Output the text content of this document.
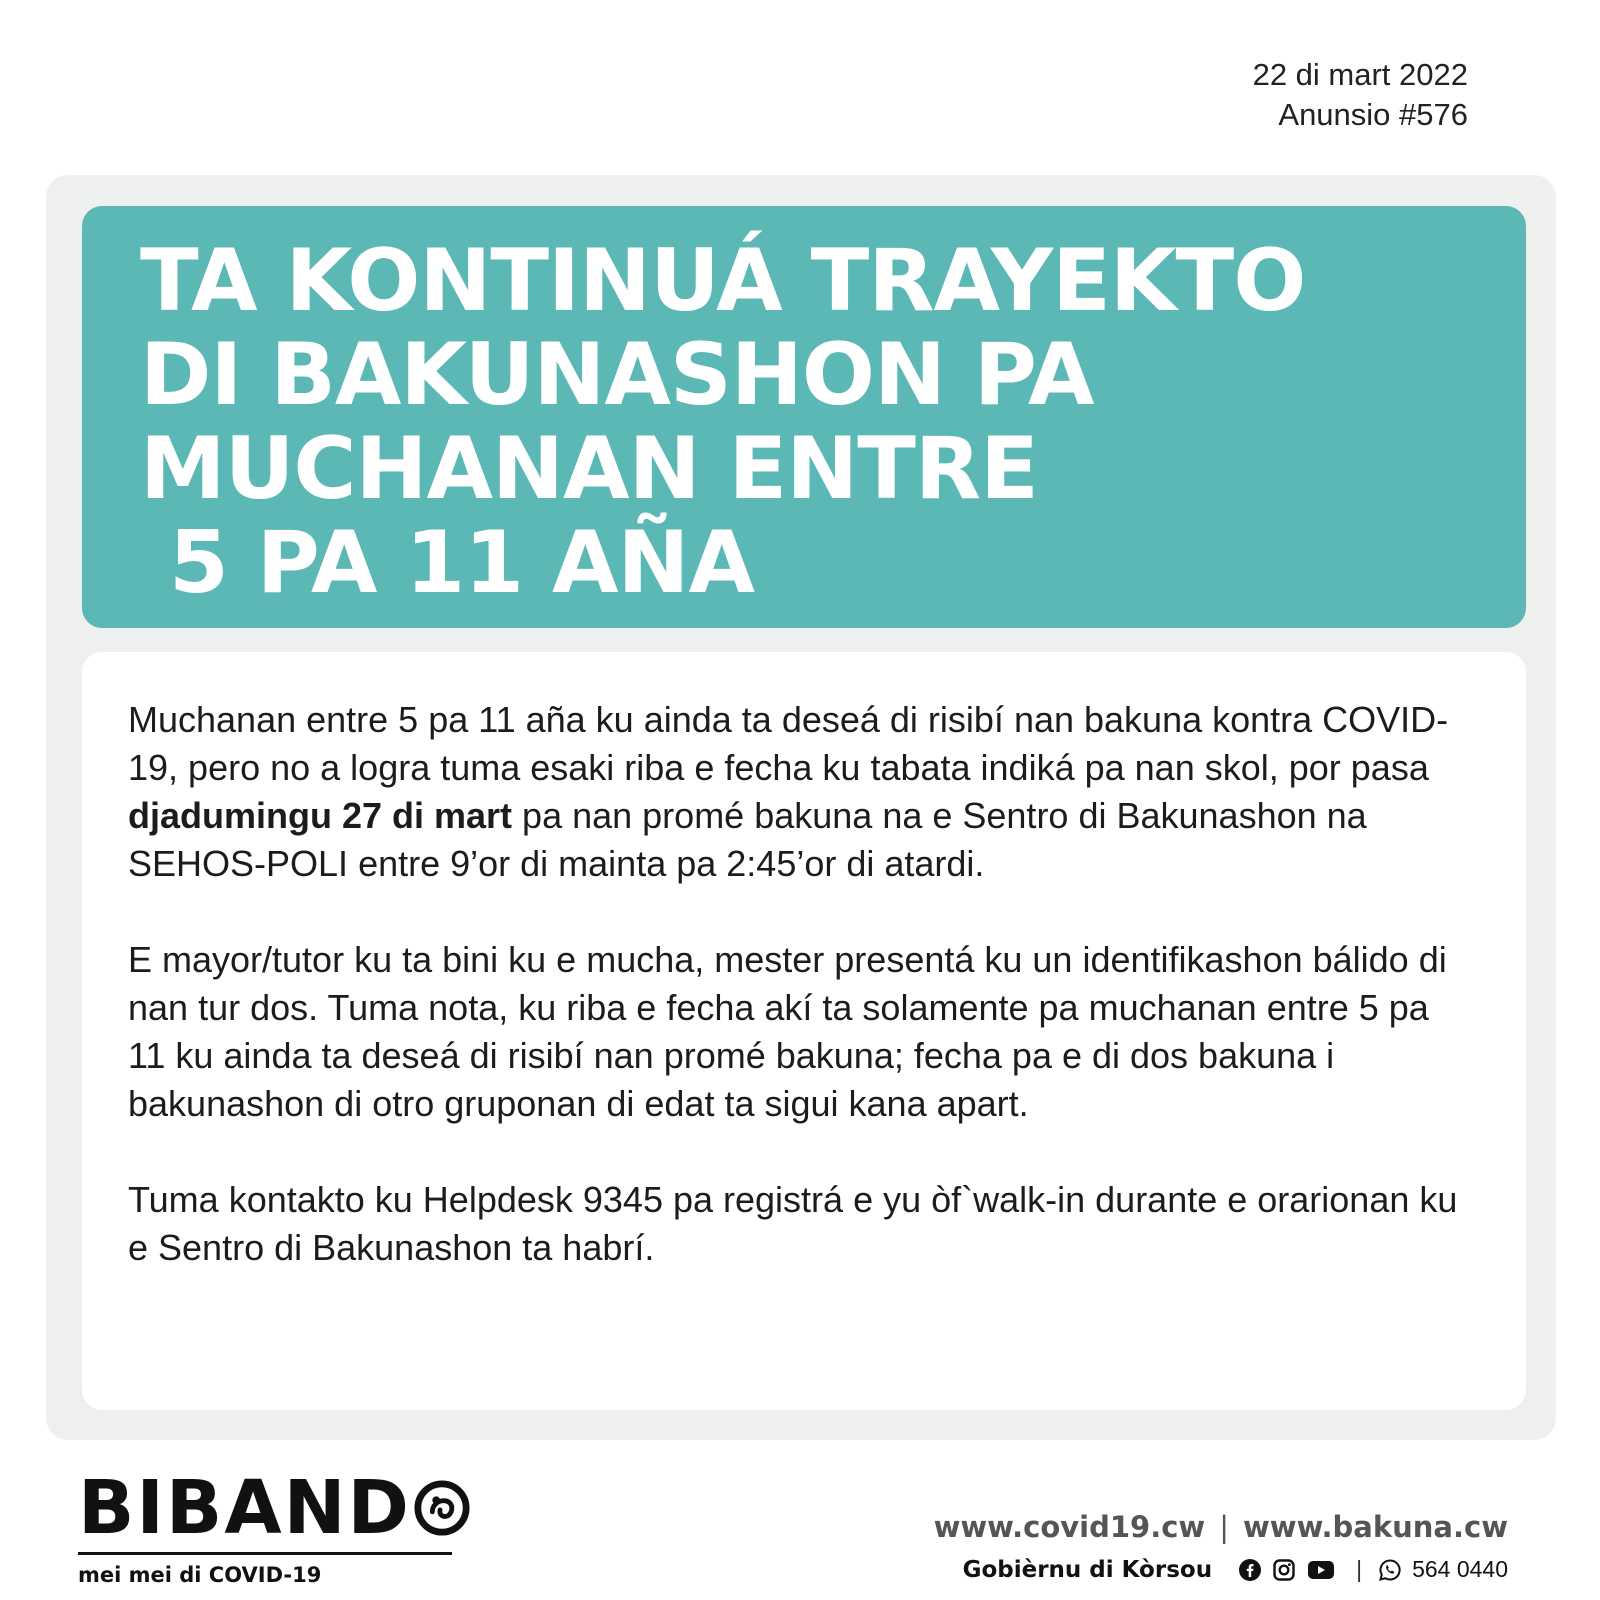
22 di mart 2022
Anunsio #576
TA KONTINUÁ TRAYEKTO
DI BAKUNASHON PA
MUCHANAN ENTRE
5 PA 11 AÑA

Muchanan entre 5 pa 11 aña ku ainda ta deseá di risibí nan bakuna kontra COVID-19, pero no a logra tuma esaki riba e fecha ku tabata indiká pa nan skol, por pasa djadumingu 27 di mart pa nan promé bakuna na e Sentro di Bakunashon na SEHOS-POLI entre 9’or di mainta pa 2:45’or di atardi.

E mayor/tutor ku ta bini ku e mucha, mester presentá ku un identifikashon bálido di nan tur dos. Tuma nota, ku riba e fecha akí ta solamente pa muchanan entre 5 pa 11 ku ainda ta deseá di risibí nan promé bakuna; fecha pa e di dos bakuna i bakunashon di otro gruponan di edat ta sigui kana apart.

Tuma kontakto ku Helpdesk 9345 pa registrá e yu òf`walk-in durante e orarionan ku e Sentro di Bakunashon ta habrí.

BIBAND
mei mei di COVID-19
www.covid19.cw | www.bakuna.cw
Gobièrnu di Kòrsou	| 564 0440
